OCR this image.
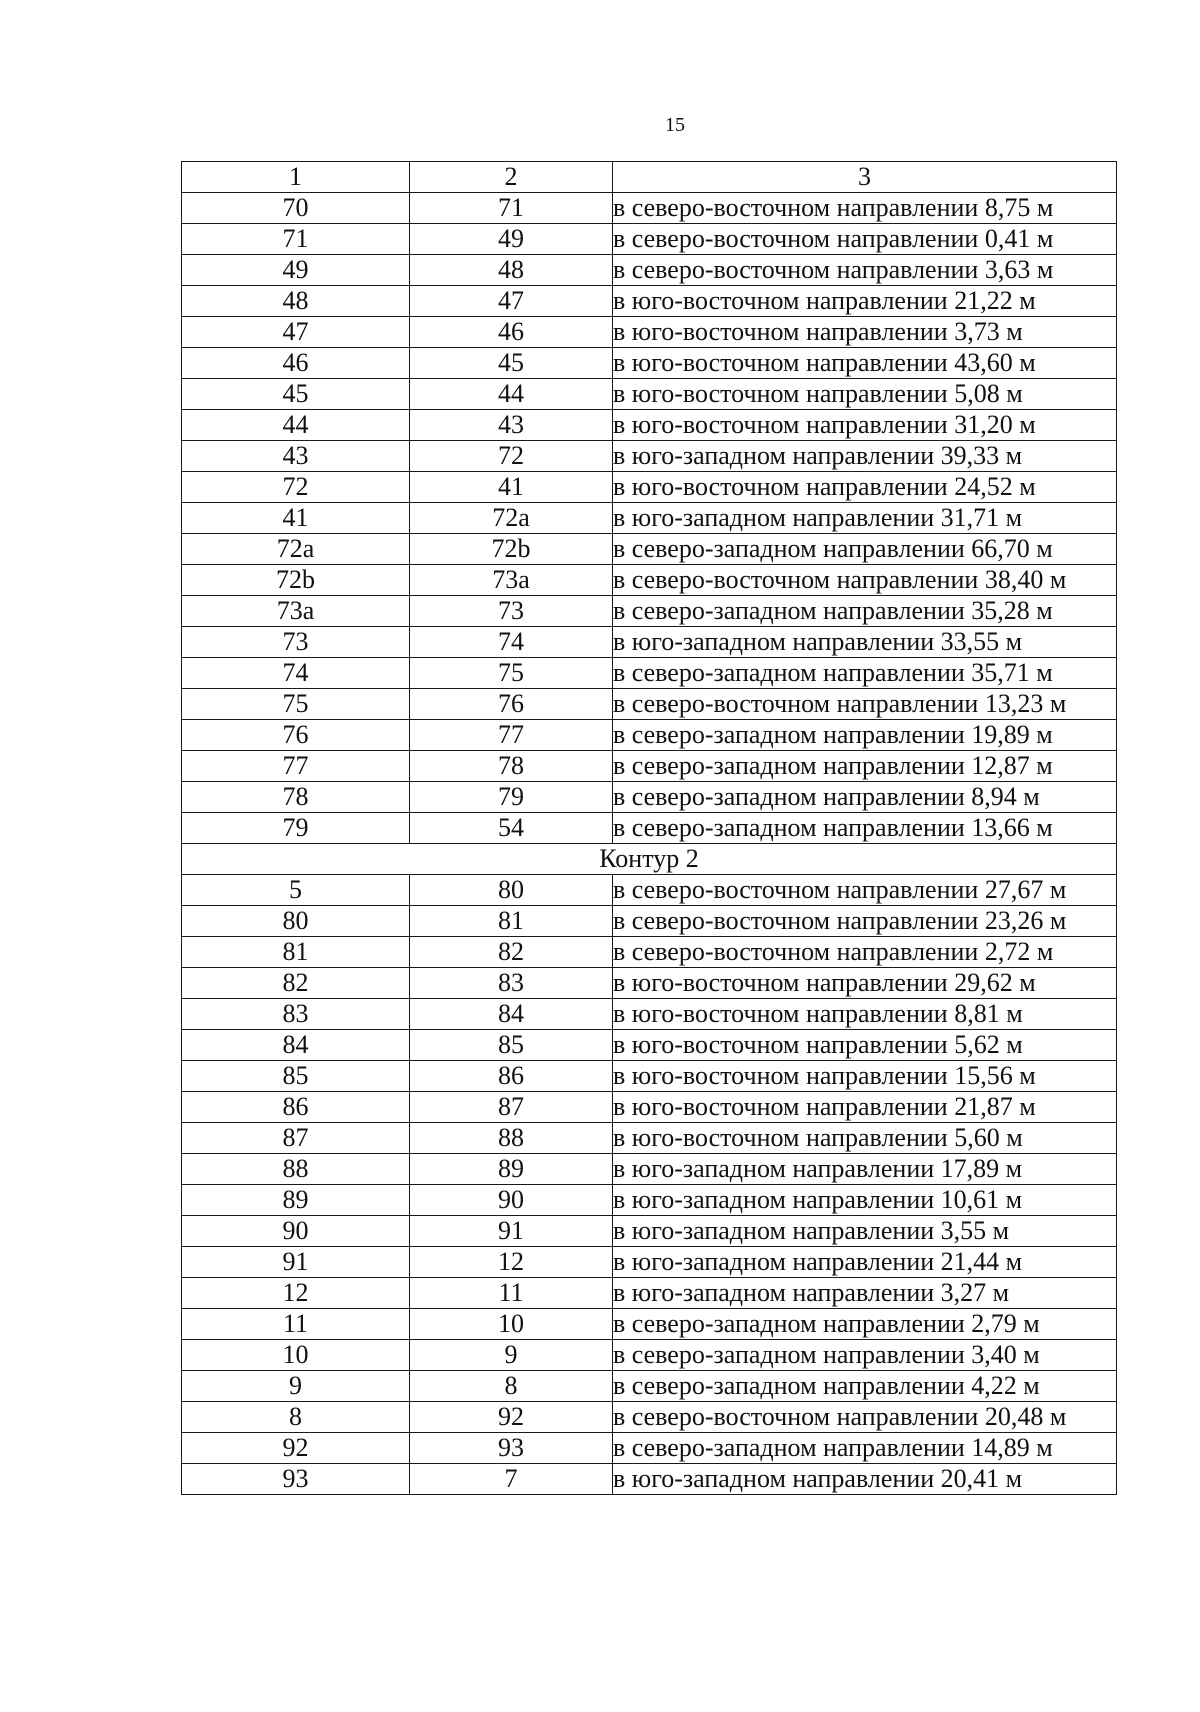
15
1	2	3
70	71	в северо-восточном направлении 8,75 м
71	49	в северо-восточном направлении 0,41 м
49	48	в северо-восточном направлении 3,63 м
48	47	в юго-восточном направлении 21,22 м
47	46	в юго-восточном направлении 3,73 м
46	45	в юго-восточном направлении 43,60 м
45	44	в юго-восточном направлении 5,08 м
44	43	в юго-восточном направлении 31,20 м
43	72	в юго-западном направлении 39,33 м
72	41	в юго-восточном направлении 24,52 м
41	72a	в юго-западном направлении 31,71 м
72a	72b	в северо-западном направлении 66,70 м
72b	73a	в северо-восточном направлении 38,40 м
73a	73	в северо-западном направлении 35,28 м
73	74	в юго-западном направлении 33,55 м
74	75	в северо-западном направлении 35,71 м
75	76	в северо-восточном направлении 13,23 м
76	77	в северо-западном направлении 19,89 м
77	78	в северо-западном направлении 12,87 м
78	79	в северо-западном направлении 8,94 м
79	54	в северо-западном направлении 13,66 м
Контур 2		
5	80	в северо-восточном направлении 27,67 м
80	81	в северо-восточном направлении 23,26 м
81	82	в северо-восточном направлении 2,72 м
82	83	в юго-восточном направлении 29,62 м
83	84	в юго-восточном направлении 8,81 м
84	85	в юго-восточном направлении 5,62 м
85	86	в юго-восточном направлении 15,56 м
86	87	в юго-восточном направлении 21,87 м
87	88	в юго-восточном направлении 5,60 м
88	89	в юго-западном направлении 17,89 м
89	90	в юго-западном направлении 10,61 м
90	91	в юго-западном направлении 3,55 м
91	12	в юго-западном направлении 21,44 м
12	11	в юго-западном направлении 3,27 м
11	10	в северо-западном направлении 2,79 м
10	9	в северо-западном направлении 3,40 м
9	8	в северо-западном направлении 4,22 м
8	92	в северо-восточном направлении 20,48 м
92	93	в северо-западном направлении 14,89 м
93	7	в юго-западном направлении 20,41 м
